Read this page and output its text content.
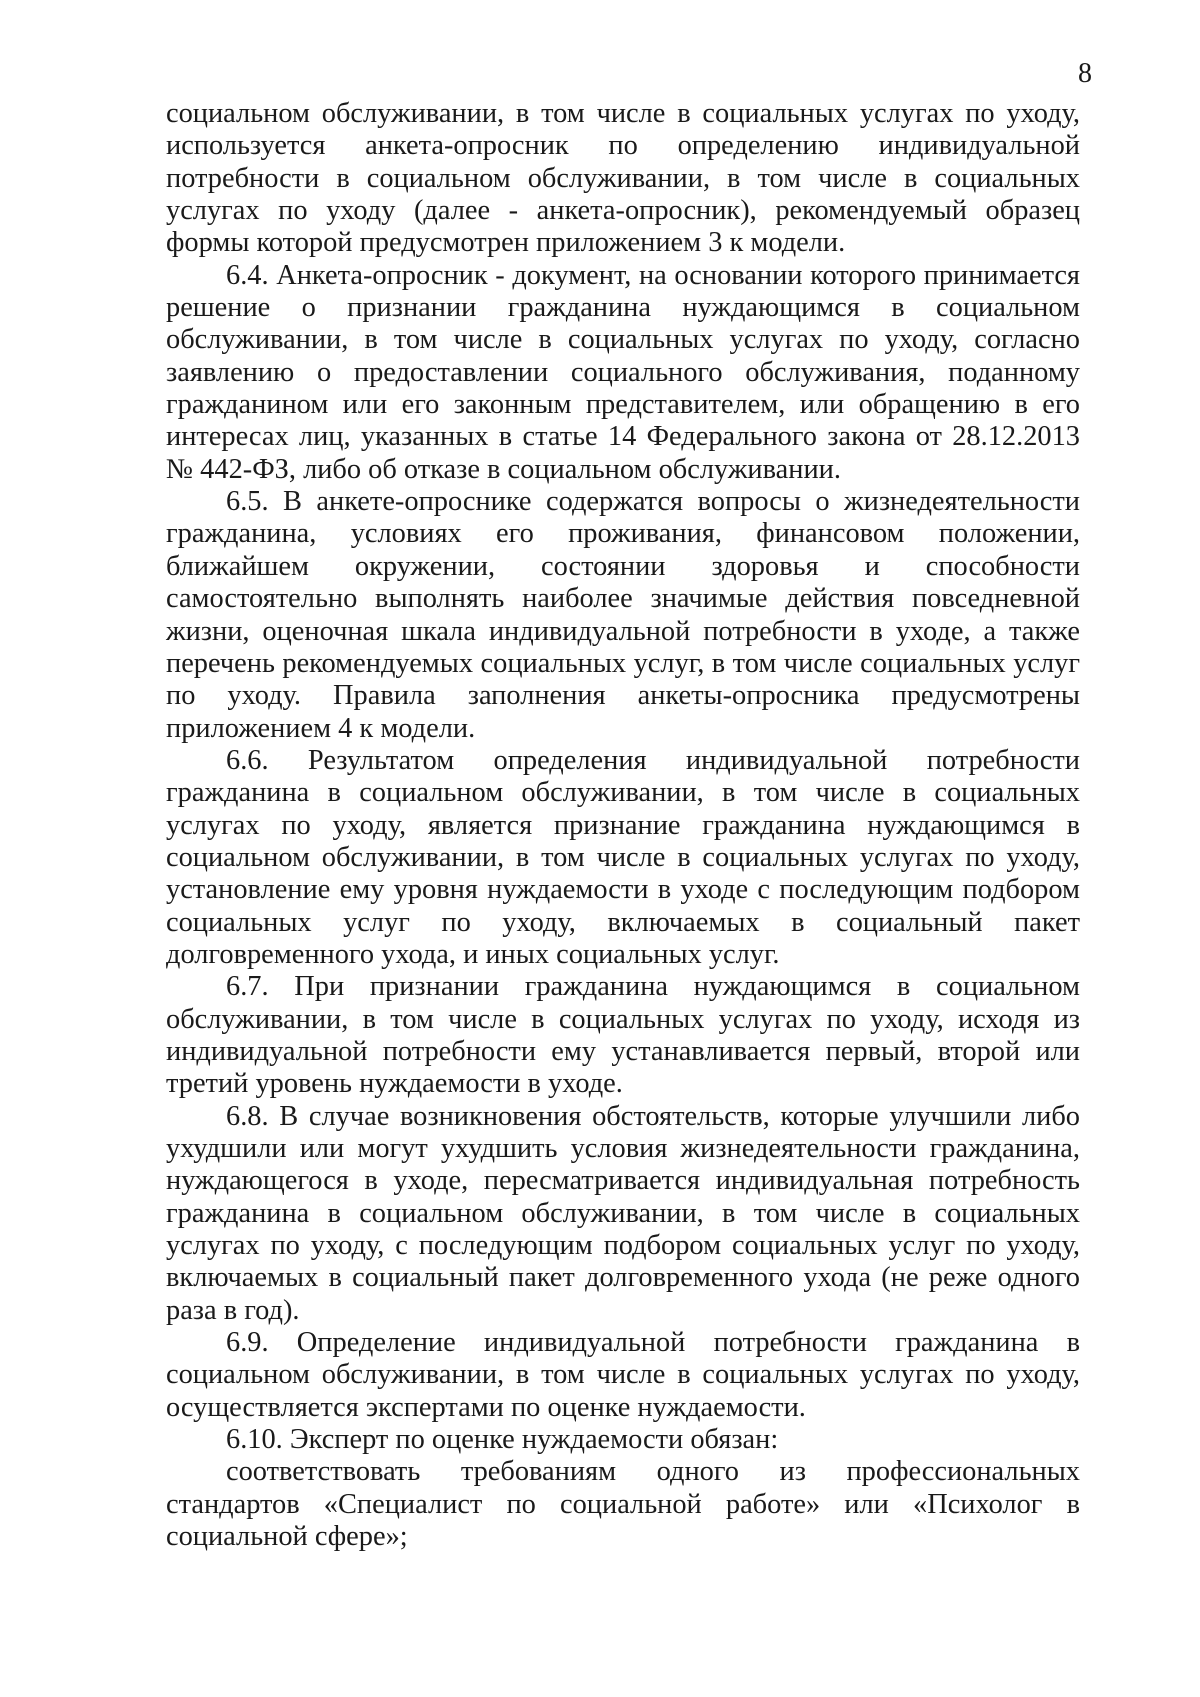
8

социальном обслуживании, в том числе в социальных услугах по уходу, используется анкета-опросник по определению индивидуальной потребности в социальном обслуживании, в том числе в социальных услугах по уходу (далее - анкета-опросник), рекомендуемый образец формы которой предусмотрен приложением 3 к модели.

6.4. Анкета-опросник - документ, на основании которого принимается решение о признании гражданина нуждающимся в социальном обслуживании, в том числе в социальных услугах по уходу, согласно заявлению о предоставлении социального обслуживания, поданному гражданином или его законным представителем, или обращению в его интересах лиц, указанных в статье 14 Федерального закона от 28.12.2013 № 442-ФЗ, либо об отказе в социальном обслуживании.

6.5. В анкете-опроснике содержатся вопросы о жизнедеятельности гражданина, условиях его проживания, финансовом положении, ближайшем окружении, состоянии здоровья и способности самостоятельно выполнять наиболее значимые действия повседневной жизни, оценочная шкала индивидуальной потребности в уходе, а также перечень рекомендуемых социальных услуг, в том числе социальных услуг по уходу. Правила заполнения анкеты-опросника предусмотрены приложением 4 к модели.

6.6. Результатом определения индивидуальной потребности гражданина в социальном обслуживании, в том числе в социальных услугах по уходу, является признание гражданина нуждающимся в социальном обслуживании, в том числе в социальных услугах по уходу, установление ему уровня нуждаемости в уходе с последующим подбором социальных услуг по уходу, включаемых в социальный пакет долговременного ухода, и иных социальных услуг.

6.7. При признании гражданина нуждающимся в социальном обслуживании, в том числе в социальных услугах по уходу, исходя из индивидуальной потребности ему устанавливается первый, второй или третий уровень нуждаемости в уходе.

6.8. В случае возникновения обстоятельств, которые улучшили либо ухудшили или могут ухудшить условия жизнедеятельности гражданина, нуждающегося в уходе, пересматривается индивидуальная потребность гражданина в социальном обслуживании, в том числе в социальных услугах по уходу, с последующим подбором социальных услуг по уходу, включаемых в социальный пакет долговременного ухода (не реже одного раза в год).

6.9. Определение индивидуальной потребности гражданина в социальном обслуживании, в том числе в социальных услугах по уходу, осуществляется экспертами по оценке нуждаемости.

6.10. Эксперт по оценке нуждаемости обязан:

соответствовать требованиям одного из профессиональных стандартов «Специалист по социальной работе» или «Психолог в социальной сфере»;
